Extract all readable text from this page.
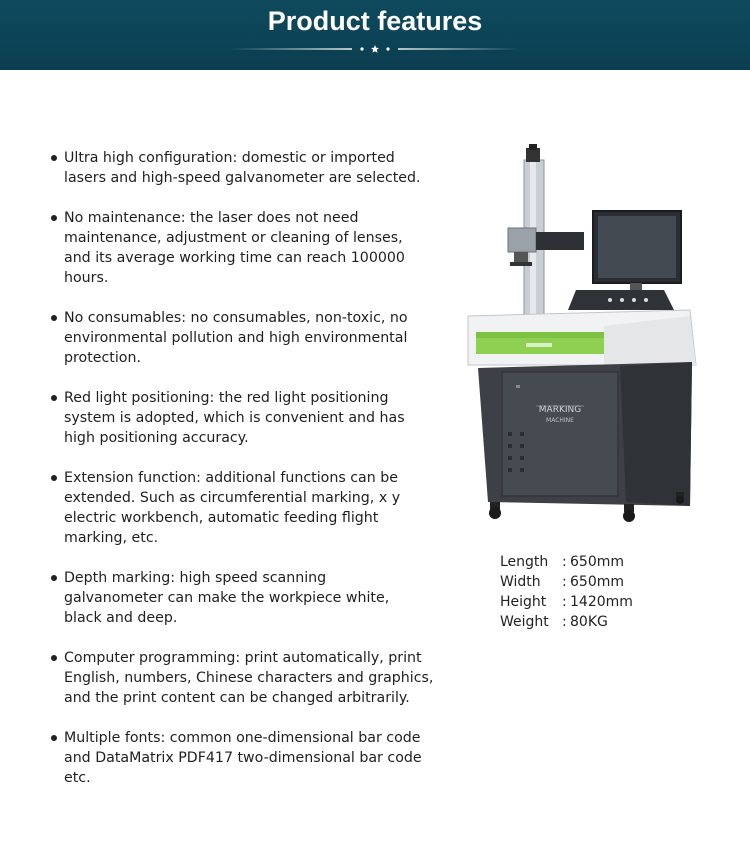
Product features
Ultra high configuration: domestic or imported
lasers and high-speed galvanometer are selected.
No maintenance: the laser does not need
maintenance, adjustment or cleaning of lenses,
and its average working time can reach 100000
hours.
No consumables: no consumables, non-toxic, no
environmental pollution and high environmental
protection.
Red light positioning: the red light positioning
system is adopted, which is convenient and has
high positioning accuracy.
Extension function: additional functions can be
extended. Such as circumferential marking, x y
electric workbench, automatic feeding flight
marking, etc.
Depth marking: high speed scanning
galvanometer can make the workpiece white,
black and deep.
Computer programming: print automatically, print
English, numbers, Chinese characters and graphics,
and the print content can be changed arbitrarily.
Multiple fonts: common one-dimensional bar code
and DataMatrix PDF417 two-dimensional bar code
etc.
MARKING
MACHINE
Length : 650mm
Width	: 650mm
Height	: 1420mm
Weight : 80KG
